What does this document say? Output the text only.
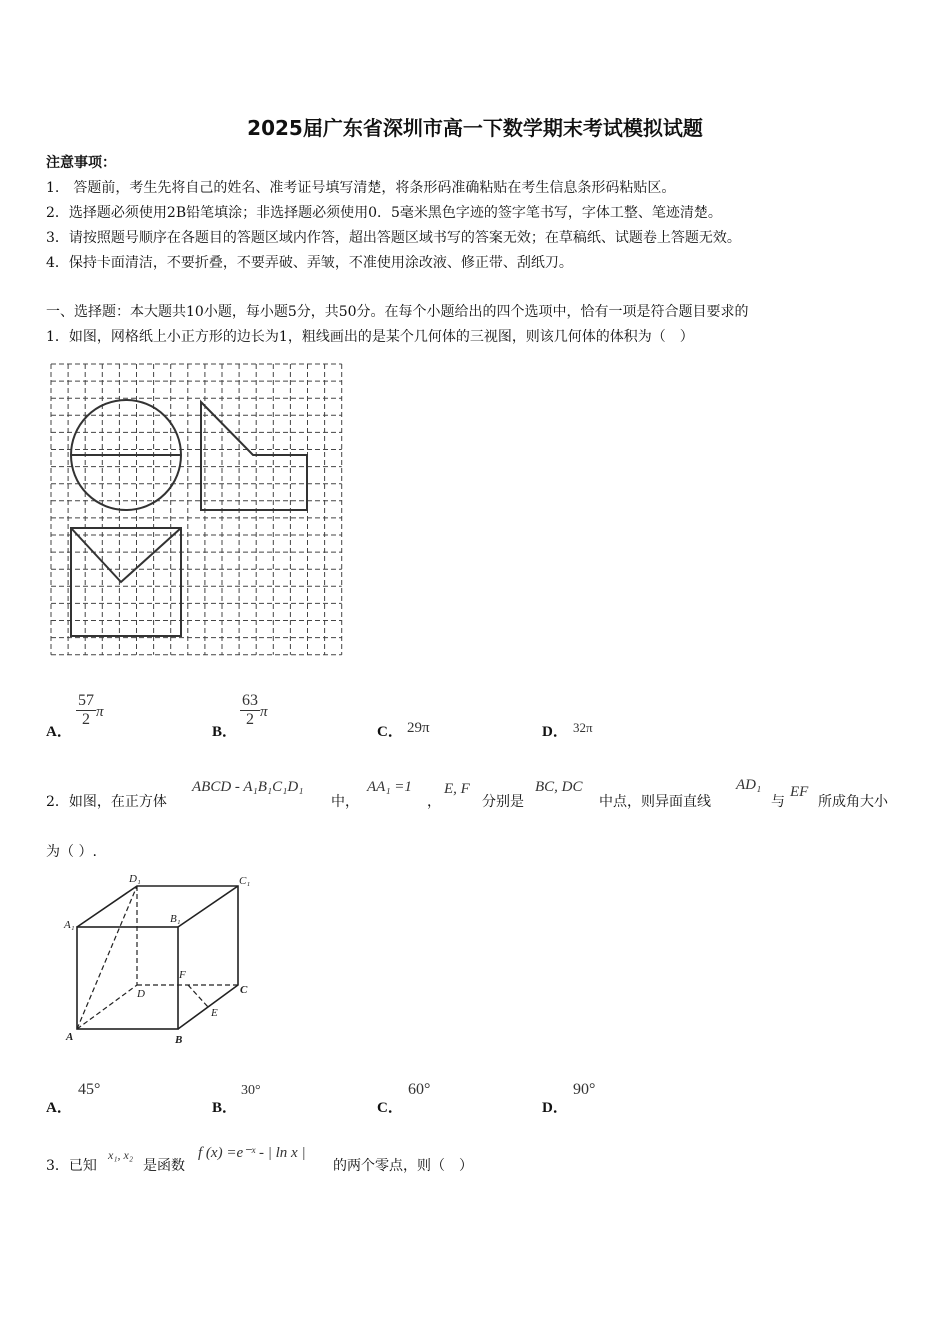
2025届广东省深圳市高一下数学期末考试模拟试题
注意事项：
1.　答题前，考生先将自己的姓名、准考证号填写清楚，将条形码准确粘贴在考生信息条形码粘贴区。
2．选择题必须使用2B铅笔填涂；非选择题必须使用0．5毫米黑色字迹的签字笔书写，字体工整、笔迹清楚。
3．请按照题号顺序在各题目的答题区域内作答，超出答题区域书写的答案无效；在草稿纸、试题卷上答题无效。
4．保持卡面清洁，不要折叠，不要弄破、弄皱，不准使用涂改液、修正带、刮纸刀。
一、选择题：本大题共10小题，每小题5分，共50分。在每个小题给出的四个选项中，恰有一项是符合题目要求的
1．如图，网格纸上小正方形的边长为1，粗线画出的是某个几何体的三视图，则该几何体的体积为（　）
A．
$\frac{57}{2}$ π
B．
$\frac{63}{2}$ π
C． 29π	D． 32π
2．如图，在正方体
ABCD - A₁B₁C₁D₁
中，
AA₁ =1
，
E, F
分别是
BC, DC
中点，则异面直线
AD₁
与
EF
所成角大小
为（ ）.
D₁	C₁
A₁	B₁
F
D	C
E
A	B
A．
45°
B．
30°
C．
60°
D．
90°
3．已知
x₁, x₂
是函数
f (x) =e⁻ˣ - | ln x |
的两个零点，则（　）
